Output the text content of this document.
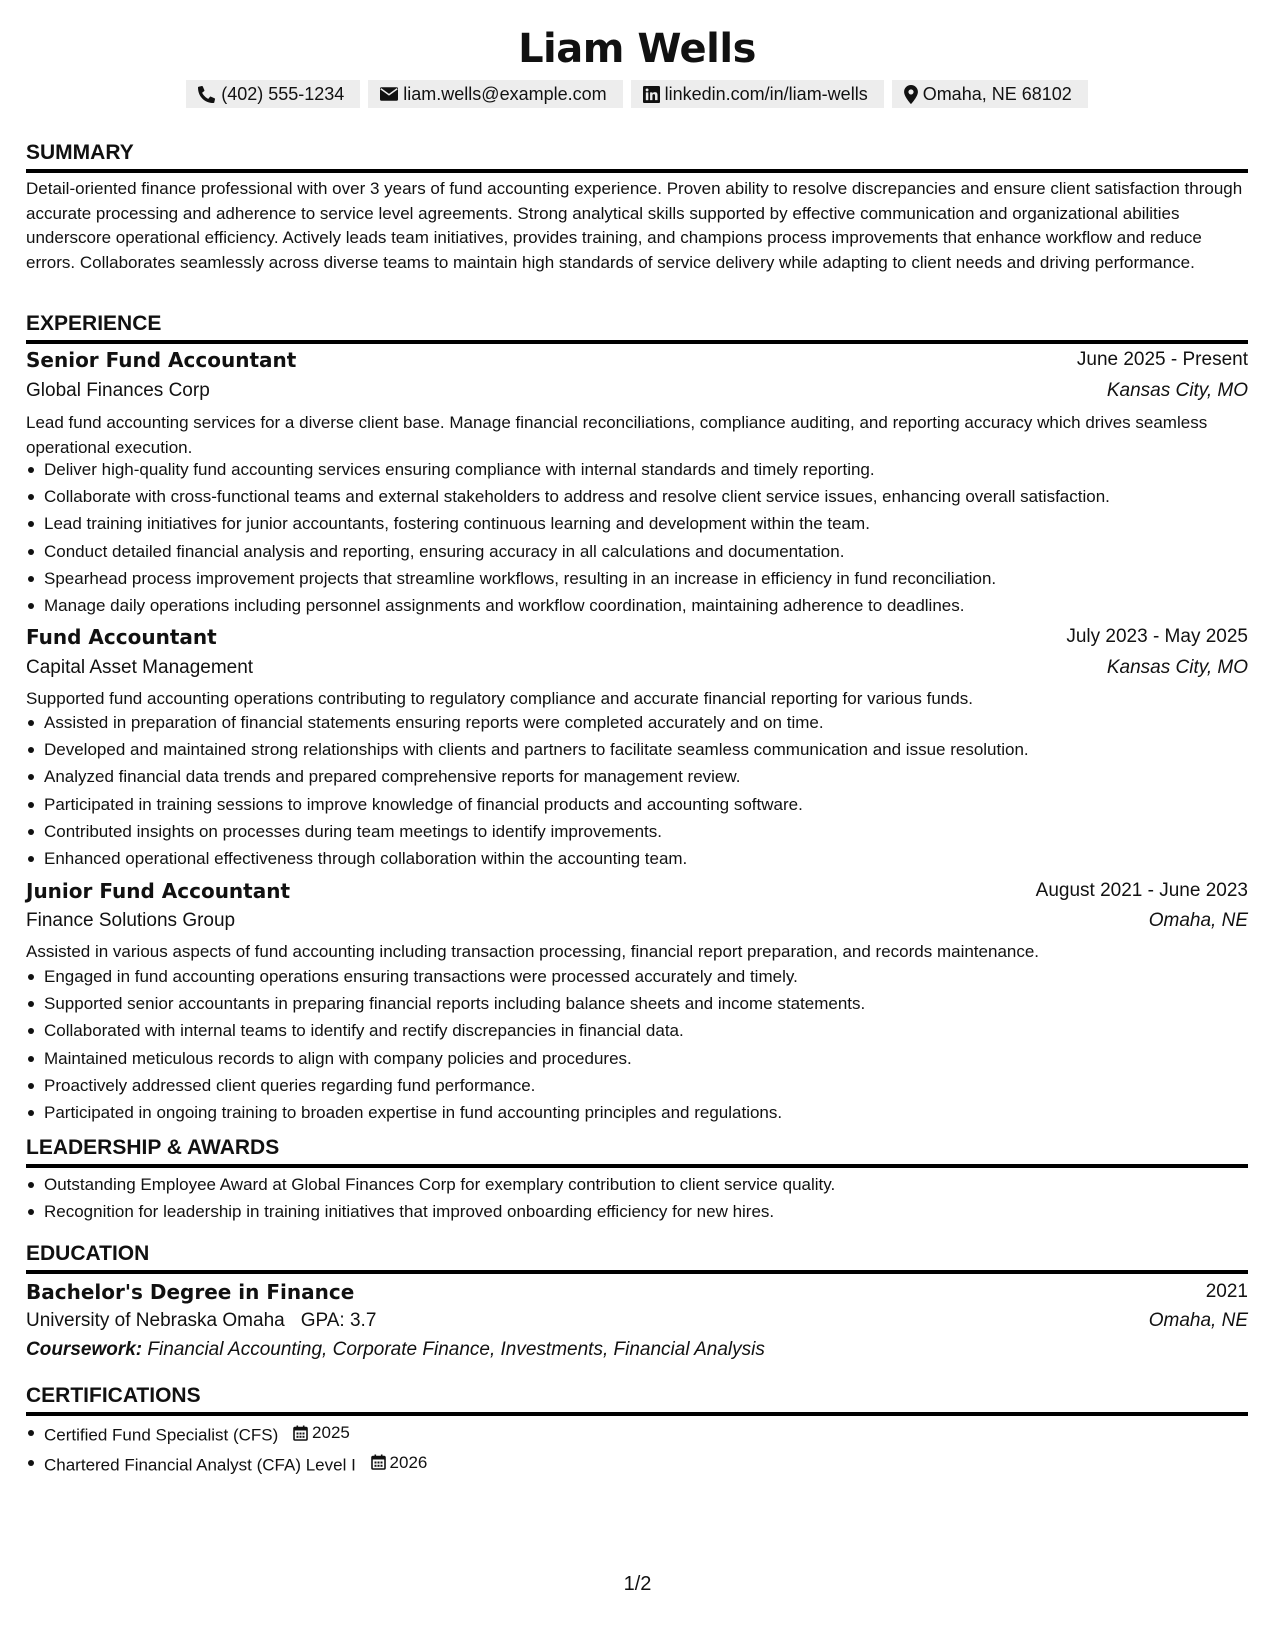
Liam Wells
(402) 555-1234	liam.wells@example.com	linkedin.com/in/liam-wells	Omaha, NE 68102
SUMMARY

Detail-oriented finance professional with over 3 years of fund accounting experience. Proven ability to resolve discrepancies and ensure client satisfaction through accurate processing and adherence to service level agreements. Strong analytical skills supported by effective communication and organizational abilities underscore operational efficiency. Actively leads team initiatives, provides training, and champions process improvements that enhance workflow and reduce errors. Collaborates seamlessly across diverse teams to maintain high standards of service delivery while adapting to client needs and driving performance.

EXPERIENCE
Senior Fund Accountant	June 2025 - Present
Global Finances Corp	Kansas City, MO

Lead fund accounting services for a diverse client base. Manage financial reconciliations, compliance auditing, and reporting accuracy which drives seamless operational execution.

Deliver high-quality fund accounting services ensuring compliance with internal standards and timely reporting.
Collaborate with cross-functional teams and external stakeholders to address and resolve client service issues, enhancing overall satisfaction.
Lead training initiatives for junior accountants, fostering continuous learning and development within the team.
Conduct detailed financial analysis and reporting, ensuring accuracy in all calculations and documentation.
Spearhead process improvement projects that streamline workflows, resulting in an increase in efficiency in fund reconciliation.
Manage daily operations including personnel assignments and workflow coordination, maintaining adherence to deadlines.
Fund Accountant	July 2023 - May 2025
Capital Asset Management	Kansas City, MO

Supported fund accounting operations contributing to regulatory compliance and accurate financial reporting for various funds.

Assisted in preparation of financial statements ensuring reports were completed accurately and on time.
Developed and maintained strong relationships with clients and partners to facilitate seamless communication and issue resolution.
Analyzed financial data trends and prepared comprehensive reports for management review.
Participated in training sessions to improve knowledge of financial products and accounting software.
Contributed insights on processes during team meetings to identify improvements.
Enhanced operational effectiveness through collaboration within the accounting team.
Junior Fund Accountant	August 2021 - June 2023
Finance Solutions Group	Omaha, NE

Assisted in various aspects of fund accounting including transaction processing, financial report preparation, and records maintenance.

Engaged in fund accounting operations ensuring transactions were processed accurately and timely.
Supported senior accountants in preparing financial reports including balance sheets and income statements.
Collaborated with internal teams to identify and rectify discrepancies in financial data.
Maintained meticulous records to align with company policies and procedures.
Proactively addressed client queries regarding fund performance.
Participated in ongoing training to broaden expertise in fund accounting principles and regulations.
LEADERSHIP & AWARDS
Outstanding Employee Award at Global Finances Corp for exemplary contribution to client service quality.
Recognition for leadership in training initiatives that improved onboarding efficiency for new hires.
EDUCATION
Bachelor's Degree in Finance	2021
University of Nebraska Omaha GPA: 3.7	Omaha, NE
Coursework: Financial Accounting, Corporate Finance, Investments, Financial Analysis
CERTIFICATIONS
Certified Fund Specialist (CFS) 2025
Chartered Financial Analyst (CFA) Level I 2026
1/2
